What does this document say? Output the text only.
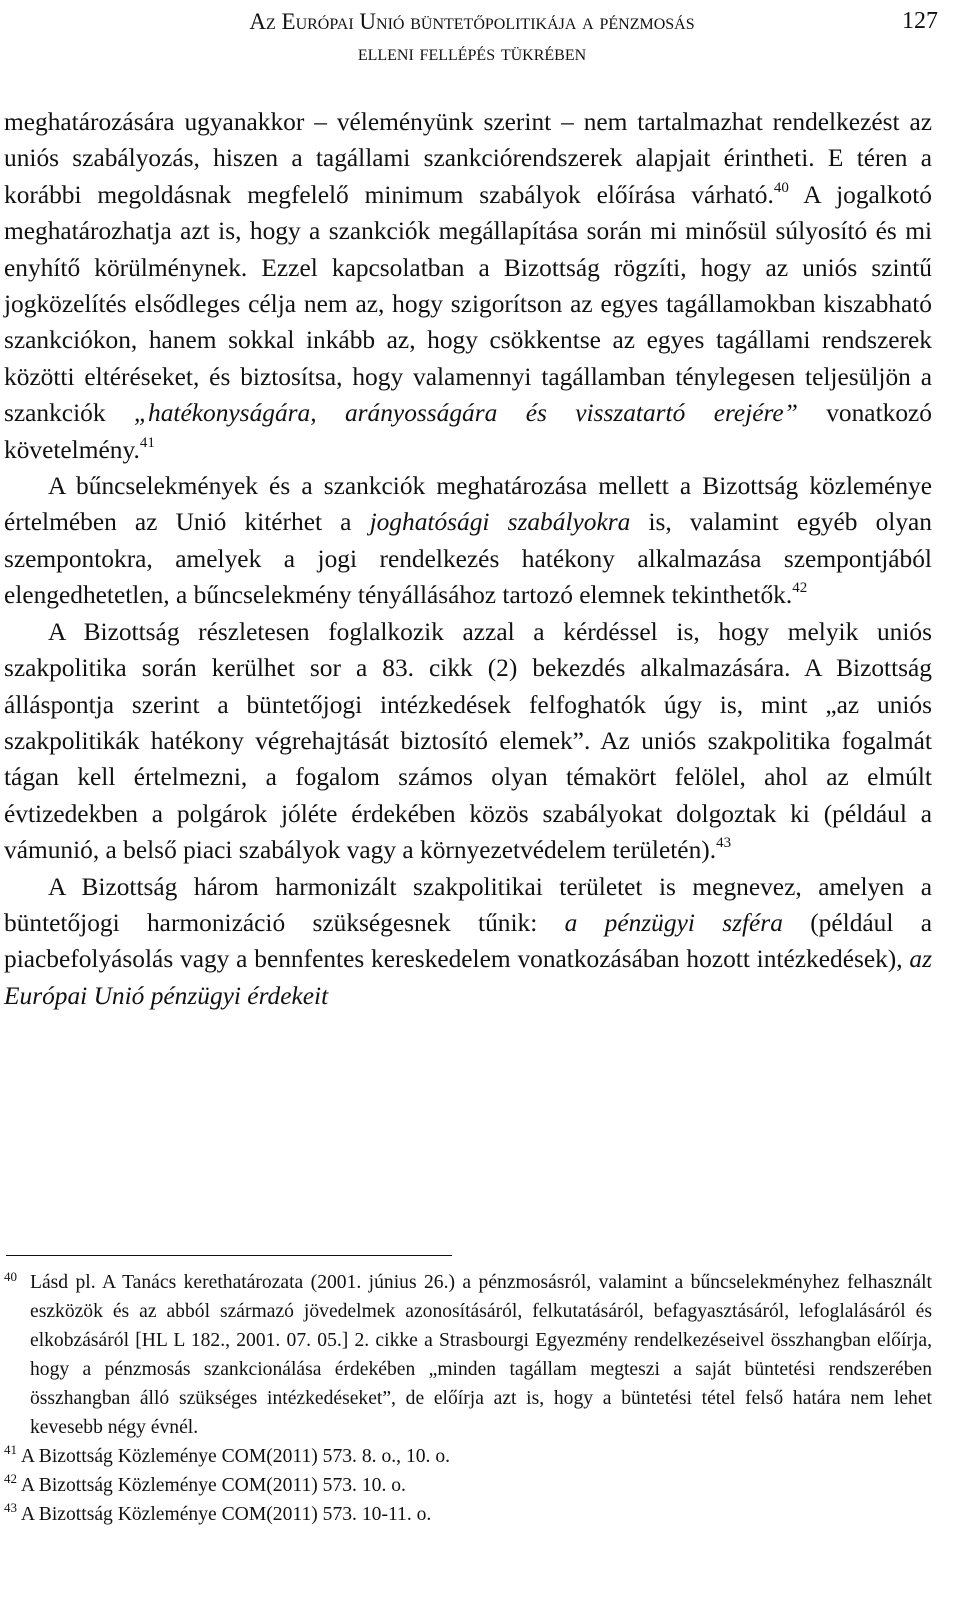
Az Európai Unió büntetőpolitikája a pénzmosás
elleni fellépés tükrében
127

meghatározására ugyanakkor – véleményünk szerint – nem tartalmazhat rendelkezést az uniós szabályozás, hiszen a tagállami szankciórendszerek alapjait érintheti. E téren a korábbi megoldásnak megfelelő minimum szabályok előírása várható.$^{40}$ A jogalkotó meghatározhatja azt is, hogy a szankciók megállapítása során mi minősül súlyosító és mi enyhítő körülménynek. Ezzel kapcsolatban a Bizottság rögzíti, hogy az uniós szintű jogközelítés elsődleges célja nem az, hogy szigorítson az egyes tagállamokban kiszabható szankciókon, hanem sokkal inkább az, hogy csökkentse az egyes tagállami rendszerek közötti eltéréseket, és biztosítsa, hogy valamennyi tagállamban ténylegesen teljesüljön a szankciók „hatékonyságára, arányosságára és visszatartó erejére” vonatkozó követelmény.$^{41}$

A bűncselekmények és a szankciók meghatározása mellett a Bizottság közleménye értelmében az Unió kitérhet a joghatósági szabályokra is, valamint egyéb olyan szempontokra, amelyek a jogi rendelkezés hatékony alkalmazása szempontjából elengedhetetlen, a bűncselekmény tényállásához tartozó elemnek tekinthetők.$^{42}$

A Bizottság részletesen foglalkozik azzal a kérdéssel is, hogy melyik uniós szakpolitika során kerülhet sor a 83. cikk (2) bekezdés alkalmazására. A Bizottság álláspontja szerint a büntetőjogi intézkedések felfoghatók úgy is, mint „az uniós szakpolitikák hatékony végrehajtását biztosító elemek”. Az uniós szakpolitika fogalmát tágan kell értelmezni, a fogalom számos olyan témakört felölel, ahol az elmúlt évtizedekben a polgárok jóléte érdekében közös szabályokat dolgoztak ki (például a vámunió, a belső piaci szabályok vagy a környezetvédelem területén).$^{43}$

A Bizottság három harmonizált szakpolitikai területet is megnevez, amelyen a büntetőjogi harmonizáció szükségesnek tűnik: a pénzügyi szféra (például a piacbefolyásolás vagy a bennfentes kereskedelem vonatkozásában hozott intézkedések), az Európai Unió pénzügyi érdekeit

40 Lásd pl. A Tanács kerethatározata (2001. június 26.) a pénzmosásról, valamint a bűncselekményhez felhasznált eszközök és az abból származó jövedelmek azonosításáról, felkutatásáról, befagyasztásáról, lefoglalásáról és elkobzásáról [HL L 182., 2001. 07. 05.] 2. cikke a Strasbourgi Egyezmény rendelkezéseivel összhangban előírja, hogy a pénzmosás szankcionálása érdekében „minden tagállam megteszi a saját büntetési rendszerében összhangban álló szükséges intézkedéseket”, de előírja azt is, hogy a büntetési tétel felső határa nem lehet kevesebb négy évnél.

$^{41}$ A Bizottság Közleménye COM(2011) 573. 8. o., 10. o.

$^{42}$ A Bizottság Közleménye COM(2011) 573. 10. o.

$^{43}$ A Bizottság Közleménye COM(2011) 573. 10-11. o.
